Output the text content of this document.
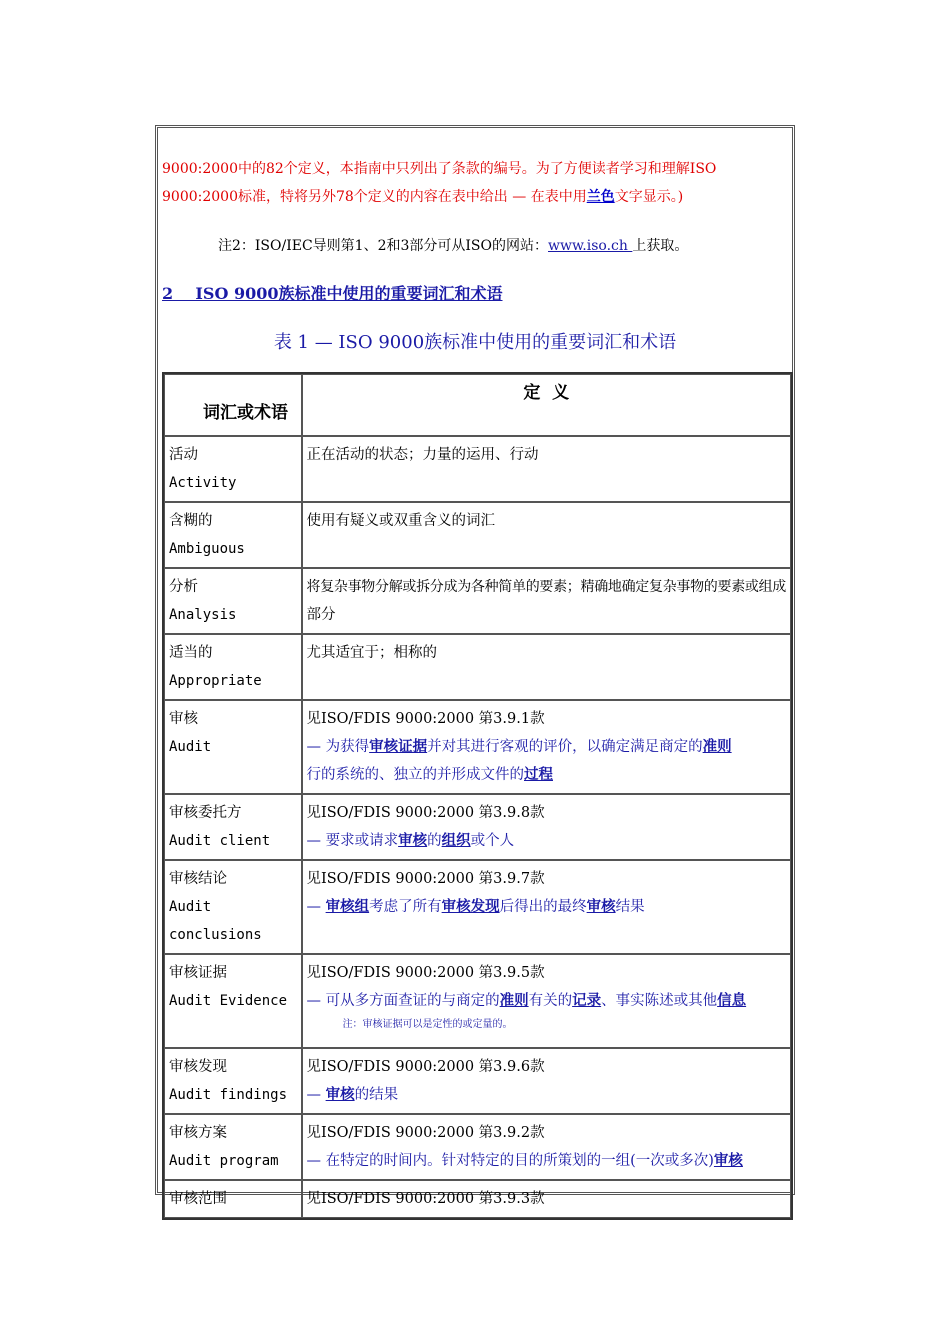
9000:2000中的82个定义，本指南中只列出了条款的编号。为了方便读者学习和理解ISO
9000:2000标准，特将另外78个定义的内容在表中给出 — 在表中用兰色文字显示。)
注2：ISO/IEC导则第1、2和3部分可从ISO的网站：www.iso.ch 上获取。
2    ISO 9000族标准中使用的重要词汇和术语
表 1 — ISO 9000族标准中使用的重要词汇和术语
词汇或术语	定  义

活动
Activity	正在活动的状态；力量的运用、行动
含糊的
Ambiguous	使用有疑义或双重含义的词汇
分析
Analysis	将复杂事物分解或拆分成为各种简单的要素；精确地确定复杂事物的要素或组成
部分
适当的
Appropriate	尤其适宜于；相称的
审核
Audit	见ISO/FDIS 9000:2000 第3.9.1款
— 为获得审核证据并对其进行客观的评价，以确定满足商定的准则
行的系统的、独立的并形成文件的过程
审核委托方
Audit client	见ISO/FDIS 9000:2000 第3.9.8款
— 要求或请求审核的组织或个人
审核结论
Audit conclusions	见ISO/FDIS 9000:2000 第3.9.7款
— 审核组考虑了所有审核发现后得出的最终审核结果
审核证据
Audit Evidence	见ISO/FDIS 9000:2000 第3.9.5款
— 可从多方面查证的与商定的准则有关的记录、事实陈述或其他信息
注：审核证据可以是定性的或定量的。

审核发现
Audit findings	见ISO/FDIS 9000:2000 第3.9.6款
— 审核的结果
审核方案
Audit program	见ISO/FDIS 9000:2000 第3.9.2款
— 在特定的时间内。针对特定的目的所策划的一组(一次或多次)审核
审核范围	见ISO/FDIS 9000:2000 第3.9.3款
